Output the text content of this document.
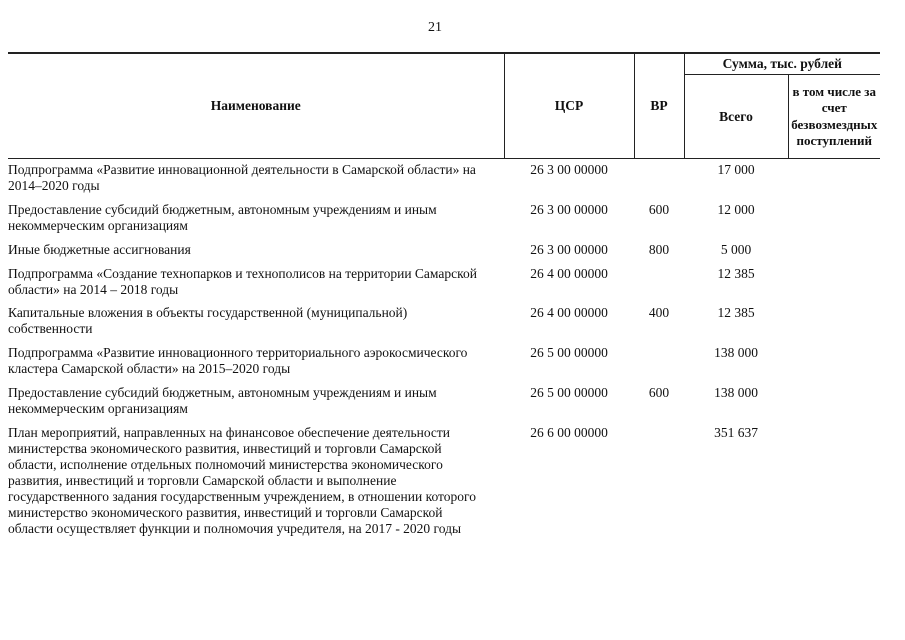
21
Наименование	ЦСР	ВР	Сумма, тыс. рублей	
			Всего	в том числе за счет безвозмездных поступлений
Подпрограмма «Развитие инновационной деятельности в Самарской области» на 2014–2020 годы	26 3 00 00000		17 000	
Предоставление субсидий бюджетным, автономным учреждениям и иным некоммерческим организациям	26 3 00 00000	600	12 000	
Иные бюджетные ассигнования	26 3 00 00000	800	5 000	
Подпрограмма «Создание технопарков и технополисов на территории Самарской области» на 2014 – 2018 годы	26 4 00 00000		12 385	
Капитальные вложения в объекты государственной (муниципальной) собственности	26 4 00 00000	400	12 385	
Подпрограмма «Развитие инновационного территориального аэрокосмического кластера Самарской области» на 2015–2020 годы	26 5 00 00000		138 000	
Предоставление субсидий бюджетным, автономным учреждениям и иным некоммерческим организациям	26 5 00 00000	600	138 000	
План мероприятий, направленных на финансовое обеспечение деятельности министерства экономического развития, инвестиций и торговли Самарской области, исполнение отдельных полномочий министерства экономического развития, инвестиций и торговли Самарской области и выполнение государственного задания государственным учреждением, в отношении которого министерство экономического развития, инвестиций и торговли Самарской области осуществляет функции и полномочия учредителя, на 2017 - 2020 годы	26 6 00 00000		351 637	
